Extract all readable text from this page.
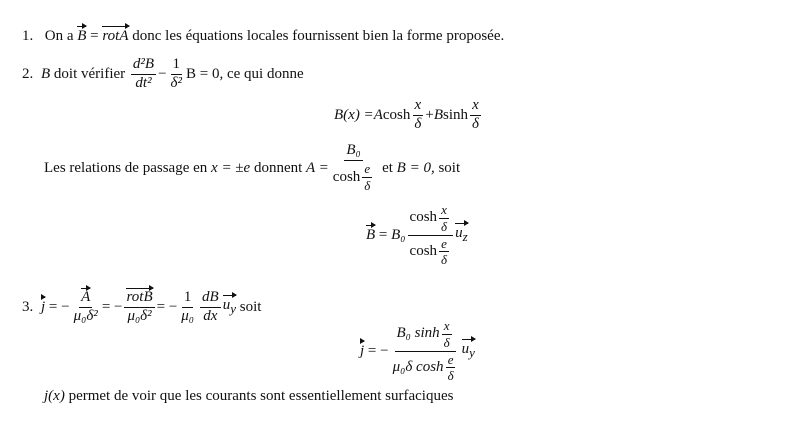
1. On a B = rotA donc les équations locales fournissent bien la forme proposée.
2.
B
doit vérifier
$\frac{\text{d²B}}{\text{dt²}} - \frac{1}{\text{δ²}}$ B = 0, ce qui donne
B(x) = A $\cosh \frac{x}{\delta} + B$ $\sinh \frac{x}{\delta}$
Les relations de passage en
x = ±e
donnent
$A = \frac{\text{B₀}}{\cosh \frac{e}{\delta}}$
et
B = 0,
soit
B
=
$B_0 \frac{\cosh \frac{x}{\delta}}{\cosh \frac{e}{\delta}} u_z$
3.
j
= − $\frac{A}{\text{μ₀δ²}}$ = − $\frac{\text{rotB}}{\text{μ₀δ²}}$ = − $\frac{1}{\text{μ₀}} \frac{dB}{dx} u_y$
soit
j
= − $\frac{B_0 \sinh \frac{x}{\delta}}{\mu_0\delta \cosh \frac{e}{\delta}} u_y$
j(x) permet de voir que les courants sont essentiellement surfaciques
